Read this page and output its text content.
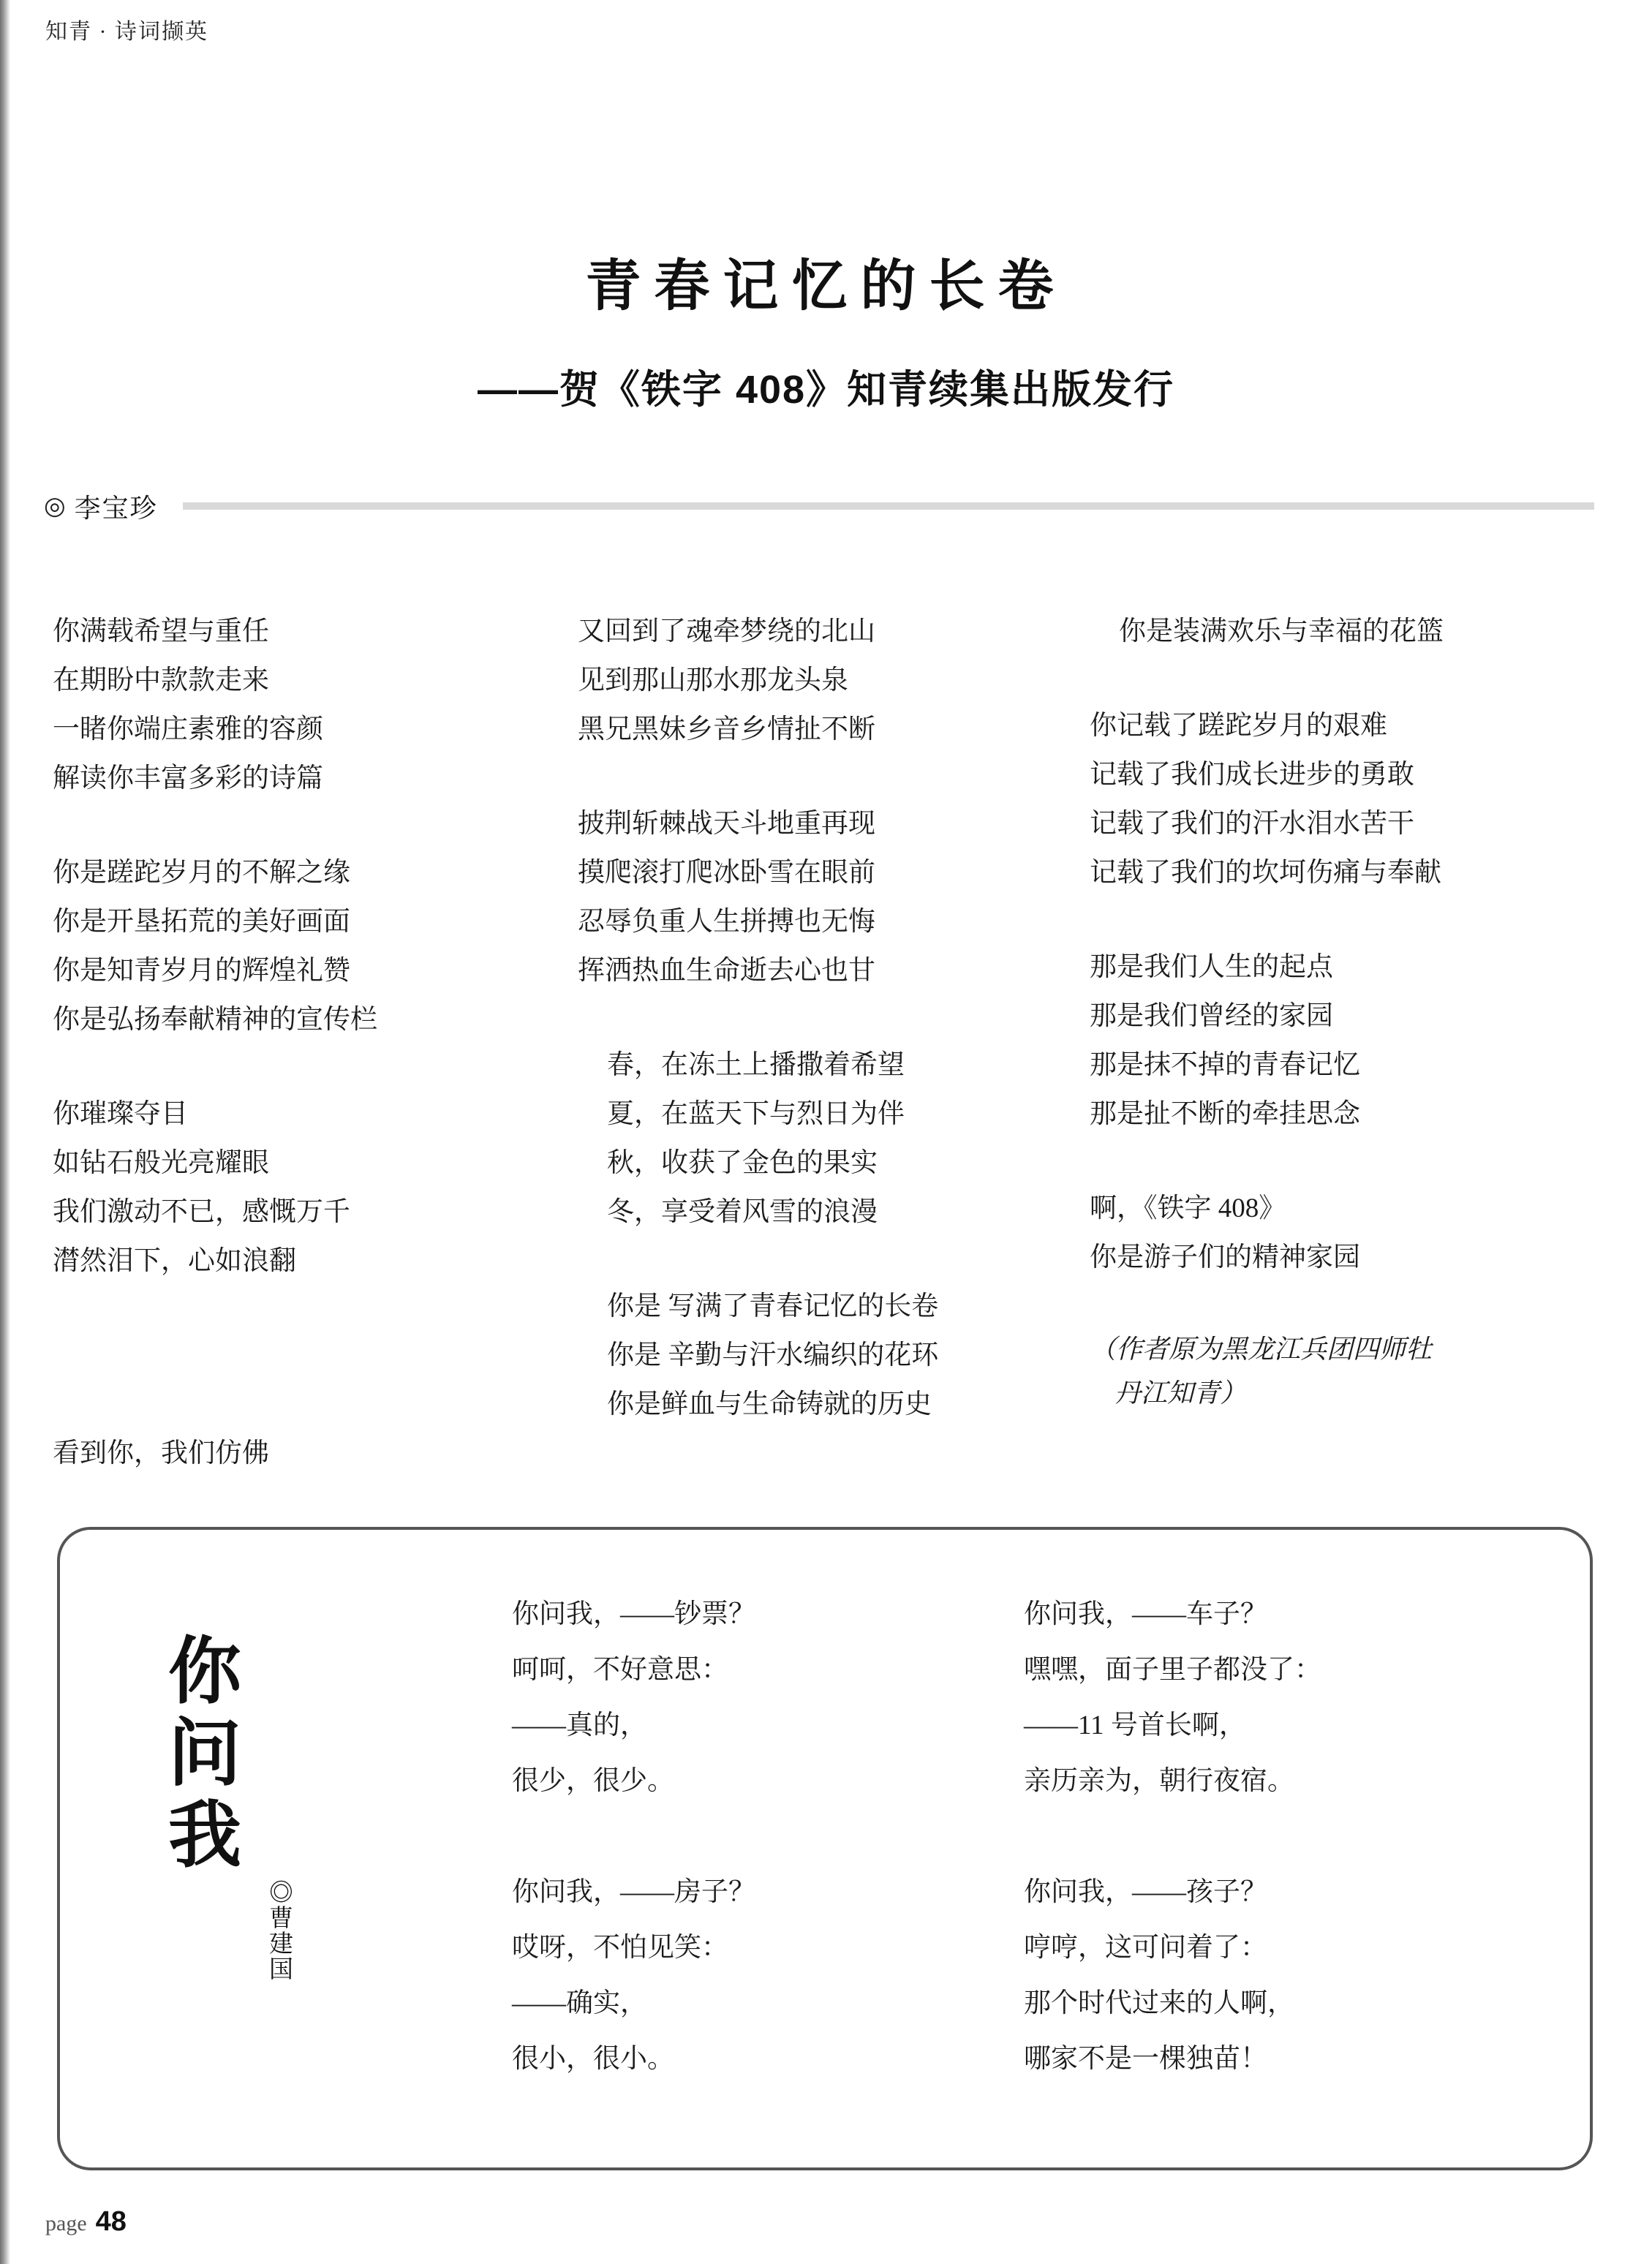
知青 · 诗词撷英
青春记忆的长卷
——贺《铁字 408》知青续集出版发行
◎ 李宝珍
你满载希望与重任
在期盼中款款走来
一睹你端庄素雅的容颜
解读你丰富多彩的诗篇
你是蹉跎岁月的不解之缘
你是开垦拓荒的美好画面
你是知青岁月的辉煌礼赞
你是弘扬奉献精神的宣传栏
你璀璨夺目
如钻石般光亮耀眼
我们激动不已，感慨万千
潸然泪下，心如浪翻
看到你，我们仿佛
又回到了魂牵梦绕的北山
见到那山那水那龙头泉
黑兄黑妹乡音乡情扯不断
披荆斩棘战天斗地重再现
摸爬滚打爬冰卧雪在眼前
忍辱负重人生拼搏也无悔
挥洒热血生命逝去心也甘
春，在冻土上播撒着希望
夏，在蓝天下与烈日为伴
秋，收获了金色的果实
冬，享受着风雪的浪漫
你是 写满了青春记忆的长卷
你是 辛勤与汗水编织的花环
你是鲜血与生命铸就的历史
你是装满欢乐与幸福的花篮
你记载了蹉跎岁月的艰难
记载了我们成长进步的勇敢
记载了我们的汗水泪水苦干
记载了我们的坎坷伤痛与奉献
那是我们人生的起点
那是我们曾经的家园
那是抹不掉的青春记忆
那是扯不断的牵挂思念
啊，《铁字 408》
你是游子们的精神家园
（作者原为黑龙江兵团四师牡
丹江知青）
你问我
◎曹建国
你问我，——钞票？
呵呵，不好意思：
——真的，
很少，很少。
你问我，——房子？
哎呀，不怕见笑：
——确实，
很小，很小。
你问我，——车子？
嘿嘿，面子里子都没了：
——11 号首长啊，
亲历亲为，朝行夜宿。
你问我，——孩子？
哼哼，这可问着了：
那个时代过来的人啊，
哪家不是一棵独苗！
page 48
